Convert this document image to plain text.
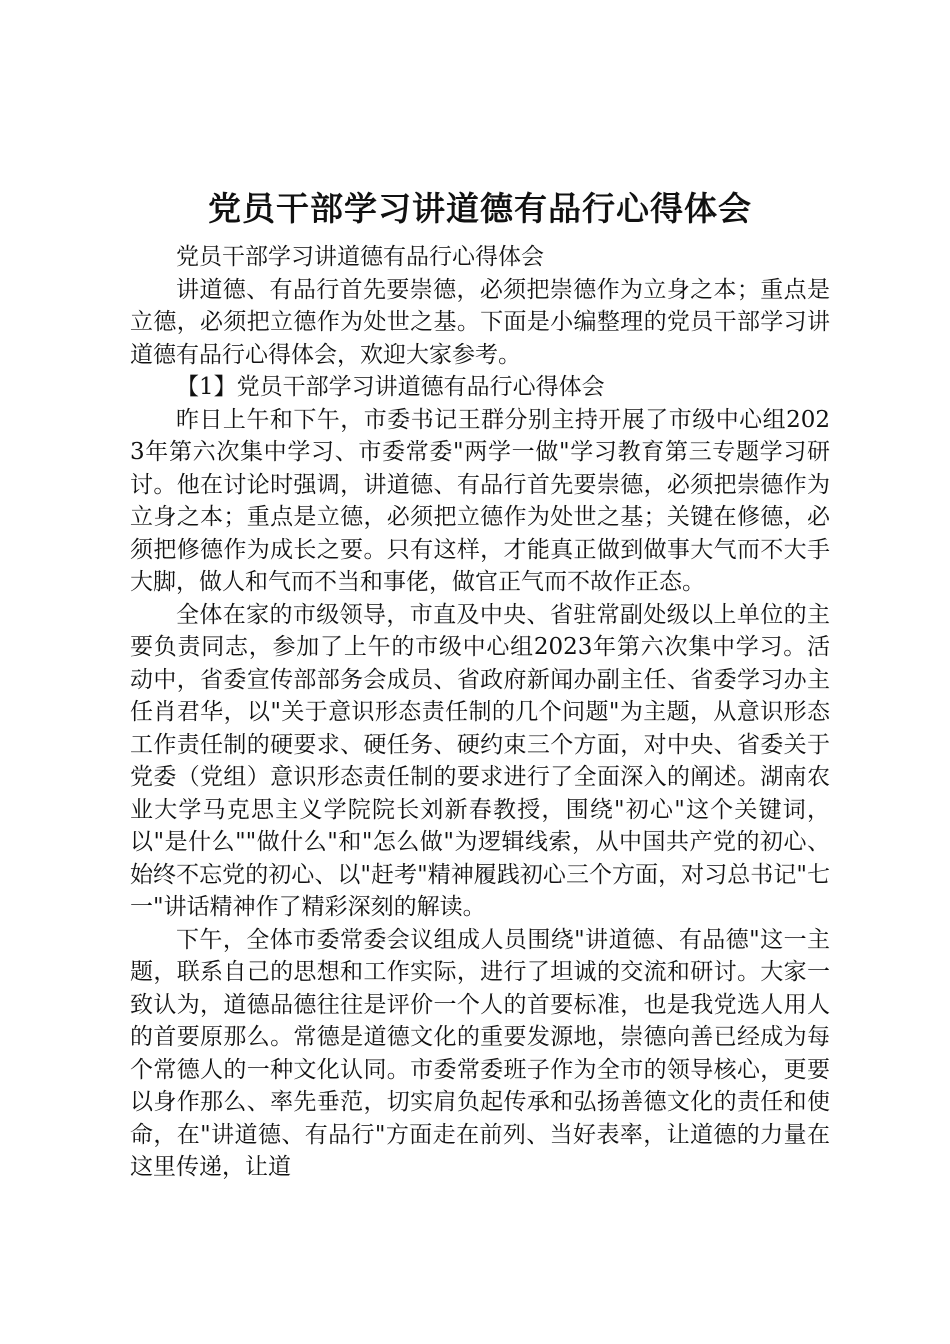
党员干部学习讲道德有品行心得体会

党员干部学习讲道德有品行心得体会

讲道德、有品行首先要崇德，必须把崇德作为立身之本；重点是立德，必须把立德作为处世之基。下面是小编整理的党员干部学习讲道德有品行心得体会，欢迎大家参考。

【1】党员干部学习讲道德有品行心得体会

昨日上午和下午，市委书记王群分别主持开展了市级中心组2023年第六次集中学习、市委常委"两学一做"学习教育第三专题学习研讨。他在讨论时强调，讲道德、有品行首先要崇德，必须把崇德作为立身之本；重点是立德，必须把立德作为处世之基；关键在修德，必须把修德作为成长之要。只有这样，才能真正做到做事大气而不大手大脚，做人和气而不当和事佬，做官正气而不故作正态。

全体在家的市级领导，市直及中央、省驻常副处级以上单位的主要负责同志，参加了上午的市级中心组2023年第六次集中学习。活动中，省委宣传部部务会成员、省政府新闻办副主任、省委学习办主任肖君华，以"关于意识形态责任制的几个问题"为主题，从意识形态工作责任制的硬要求、硬任务、硬约束三个方面，对中央、省委关于党委（党组）意识形态责任制的要求进行了全面深入的阐述。湖南农业大学马克思主义学院院长刘新春教授，围绕"初心"这个关键词，以"是什么""做什么"和"怎么做"为逻辑线索，从中国共产党的初心、始终不忘党的初心、以"赶考"精神履践初心三个方面，对习总书记"七一"讲话精神作了精彩深刻的解读。

下午，全体市委常委会议组成人员围绕"讲道德、有品德"这一主题，联系自己的思想和工作实际，进行了坦诚的交流和研讨。大家一致认为，道德品德往往是评价一个人的首要标准，也是我党选人用人的首要原那么。常德是道德文化的重要发源地，崇德向善已经成为每个常德人的一种文化认同。市委常委班子作为全市的领导核心，更要以身作那么、率先垂范，切实肩负起传承和弘扬善德文化的责任和使命，在"讲道德、有品行"方面走在前列、当好表率，让道德的力量在这里传递，让道
